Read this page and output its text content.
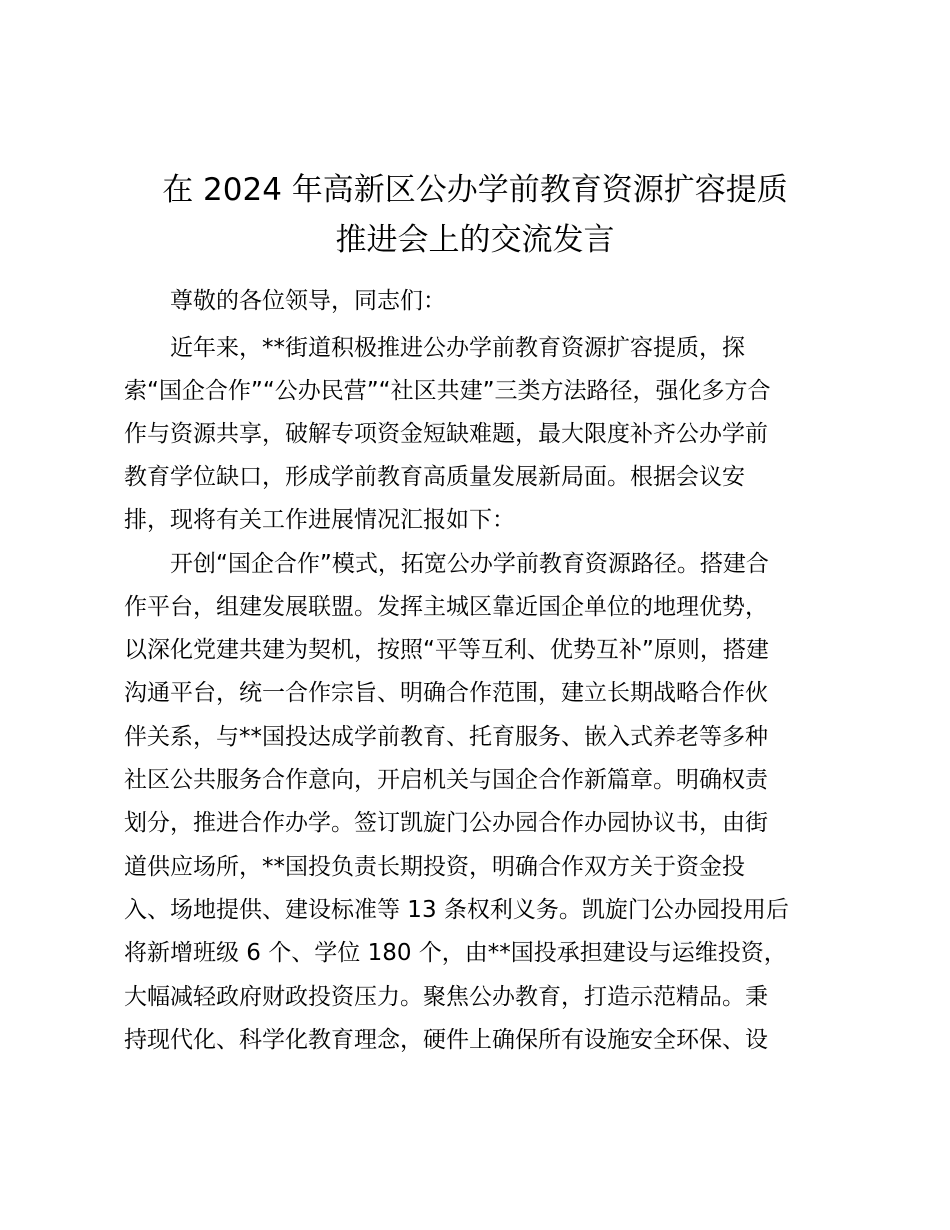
在 2024 年高新区公办学前教育资源扩容提质
推进会上的交流发言
　　尊敬的各位领导，同志们：
　　近年来，**街道积极推进公办学前教育资源扩容提质，探
索“国企合作”“公办民营”“社区共建”三类方法路径，强化多方合
作与资源共享，破解专项资金短缺难题，最大限度补齐公办学前
教育学位缺口，形成学前教育高质量发展新局面。根据会议安
排，现将有关工作进展情况汇报如下：
　　开创“国企合作”模式，拓宽公办学前教育资源路径。搭建合
作平台，组建发展联盟。发挥主城区靠近国企单位的地理优势，
以深化党建共建为契机，按照“平等互利、优势互补”原则，搭建
沟通平台，统一合作宗旨、明确合作范围，建立长期战略合作伙
伴关系，与**国投达成学前教育、托育服务、嵌入式养老等多种
社区公共服务合作意向，开启机关与国企合作新篇章。明确权责
划分，推进合作办学。签订凯旋门公办园合作办园协议书，由街
道供应场所，**国投负责长期投资，明确合作双方关于资金投
入、场地提供、建设标准等 13 条权利义务。凯旋门公办园投用后
将新增班级 6 个、学位 180 个，由**国投承担建设与运维投资，
大幅减轻政府财政投资压力。聚焦公办教育，打造示范精品。秉
持现代化、科学化教育理念，硬件上确保所有设施安全环保、设
